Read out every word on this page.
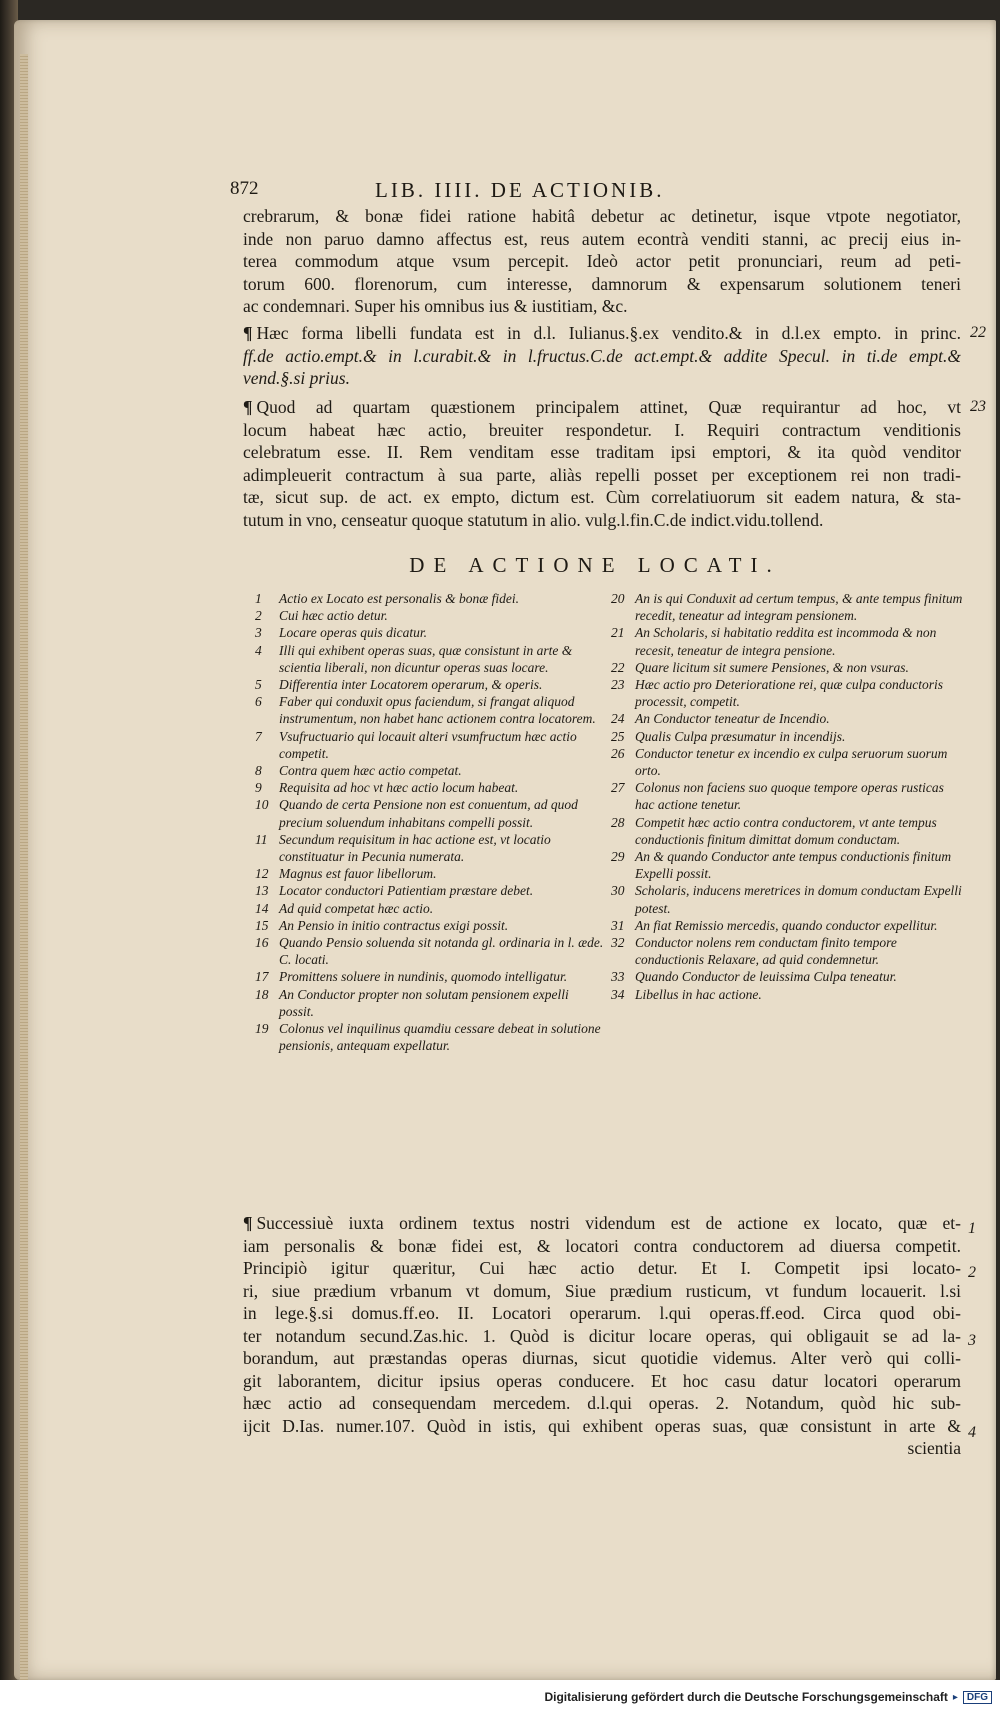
872	LIB. IIII. DE ACTIONIB.
crebrarum, & bonæ fidei ratione habitâ debetur ac detinetur, isque vtpote negotiator,
inde non paruo damno affectus est, reus autem econtrà venditi stanni, ac precij eius in-
terea commodum atque vsum percepit. Ideò actor petit pronunciari, reum ad peti-
torum 600. florenorum, cum interesse, damnorum & expensarum solutionem teneri
ac condemnari. Super his omnibus ius & iustitiam, &c.
¶ Hæc forma libelli fundata est in d.l. Iulianus.§.ex vendito.& in d.l.ex empto. in princ.
ff.de actio.empt.& in l.curabit.& in l.fructus.C.de act.empt.& addite Specul. in ti.de empt.&
vend.§.si prius.
22
¶ Quod ad quartam quæstionem principalem attinet, Quæ requirantur ad hoc, vt
locum habeat hæc actio, breuiter respondetur. I. Requiri contractum venditionis
celebratum esse. II. Rem venditam esse traditam ipsi emptori, & ita quòd venditor
adimpleuerit contractum à sua parte, aliàs repelli posset per exceptionem rei non tradi-
tæ, sicut sup. de act. ex empto, dictum est. Cùm correlatiuorum sit eadem natura, & sta-
tutum in vno, censeatur quoque statutum in alio. vulg.l.fin.C.de indict.vidu.tollend.
23
DE ACTIONE LOCATI.
1	Actio ex Locato est personalis & bonæ fidei.
2	Cui hæc actio detur.
3	Locare operas quis dicatur.
4	Illi qui exhibent operas suas, quæ consistunt in arte & scientia liberali, non dicuntur operas suas locare.
5	Differentia inter Locatorem operarum, & operis.
6	Faber qui conduxit opus faciendum, si frangat aliquod instrumentum, non habet hanc actionem contra locatorem.
7	Vsufructuario qui locauit alteri vsumfructum hæc actio competit.
8	Contra quem hæc actio competat.
9	Requisita ad hoc vt hæc actio locum habeat.
10 Quando de certa Pensione non est conuentum, ad quod precium soluendum inhabitans compelli possit.
11 Secundum requisitum in hac actione est, vt locatio constituatur in Pecunia numerata.
12 Magnus est fauor libellorum.
13 Locator conductori Patientiam præstare debet.
14 Ad quid competat hæc actio.
15 An Pensio in initio contractus exigi possit.
16 Quando Pensio soluenda sit notanda gl. ordinaria in l. æde. C. locati.
17 Promittens soluere in nundinis, quomodo intelligatur.
18 An Conductor propter non solutam pensionem expelli possit.
19 Colonus vel inquilinus quamdiu cessare debeat in solutione pensionis, antequam expellatur.
20 An is qui Conduxit ad certum tempus, & ante tempus finitum recedit, teneatur ad integram pensionem.
21 An Scholaris, si habitatio reddita est incommoda & non recesit, teneatur de integra pensione.
22 Quare licitum sit sumere Pensiones, & non vsuras.
23 Hæc actio pro Deterioratione rei, quæ culpa conductoris processit, competit.
24 An Conductor teneatur de Incendio.
25 Qualis Culpa præsumatur in incendijs.
26 Conductor tenetur ex incendio ex culpa seruorum suorum orto.
27 Colonus non faciens suo quoque tempore operas rusticas hac actione tenetur.
28 Competit hæc actio contra conductorem, vt ante tempus conductionis finitum dimittat domum conductam.
29 An & quando Conductor ante tempus conductionis finitum Expelli possit.
30 Scholaris, inducens meretrices in domum conductam Expelli potest.
31 An fiat Remissio mercedis, quando conductor expellitur.
32 Conductor nolens rem conductam finito tempore conductionis Relaxare, ad quid condemnetur.
33 Quando Conductor de leuissima Culpa teneatur.
34 Libellus in hac actione.
¶ Successiuè iuxta ordinem textus nostri videndum est de actione ex locato, quæ et-
iam personalis & bonæ fidei est, & locatori contra conductorem ad diuersa competit.
Principiò igitur quæritur, Cui hæc actio detur. Et I. Competit ipsi locato-
ri, siue prædium vrbanum vt domum, Siue prædium rusticum, vt fundum locauerit. l.si
in lege.§.si domus.ff.eo. II. Locatori operarum. l.qui operas.ff.eod. Circa quod obi-
ter notandum secund.Zas.hic. 1. Quòd is dicitur locare operas, qui obligauit se ad la-
borandum, aut præstandas operas diurnas, sicut quotidie videmus. Alter verò qui colli-
git laborantem, dicitur ipsius operas conducere. Et hoc casu datur locatori operarum
hæc actio ad consequendam mercedem. d.l.qui operas. 2. Notandum, quòd hic sub-
ijcit D.Ias. numer.107. Quòd in istis, qui exhibent operas suas, quæ consistunt in arte &
scientia
1
2
3
4
Digitalisierung gefördert durch die Deutsche Forschungsgemeinschaft ▸ DFG
